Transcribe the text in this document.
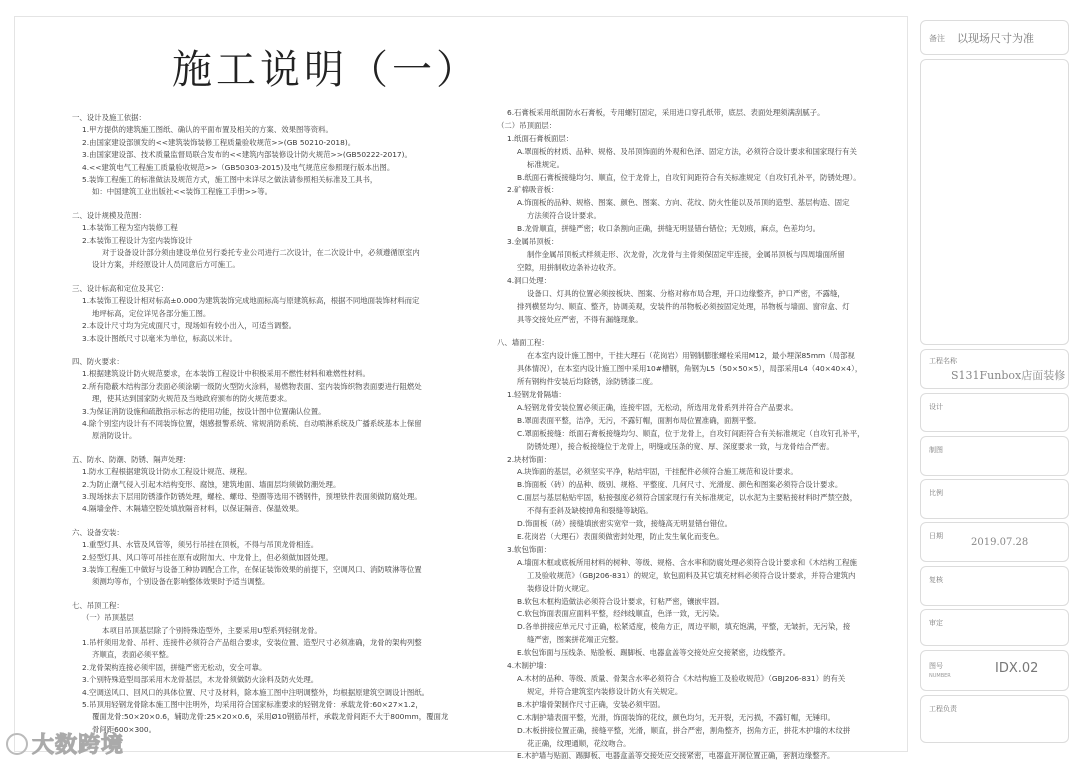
施工说明（一）
一、设计及施工依据：
1.甲方提供的建筑施工图纸、确认的平面布置及相关的方案、效果图等资料。
2.由国家建设部颁发的<<建筑装饰装修工程质量验收规范>>(GB 50210-2018)。
3.由国家建设部、技术质量监督局联合发布的<<建筑内部装修设计防火规范>>(GB50222-2017)。
4.<<建筑电气工程施工质量验收规范>>（GB50303-2015)及电气规范应参照现行版本出图。
5.装饰工程施工的标准做法及规范方式，施工图中未详尽之做法请参照相关标准及工具书，
如：中国建筑工业出版社<<装饰工程施工手册>>等。
二、设计规模及范围：
1.本装饰工程为室内装修工程
2.本装饰工程设计为室内装饰设计
对于设备设计部分须由建设单位另行委托专业公司进行二次设计，在二次设计中，必须遵循原室内
设计方案，并经原设计人员同意后方可施工。
三、设计标高和定位及其它：
1.本装饰工程设计相对标高±0.000为建筑装饰完成地面标高与原建筑标高，根据不同地面装饰材料而定
地坪标高，定位详见各部分施工图。
2.本设计尺寸均为完成面尺寸，现场如有较小出入，可适当调整。
3.本设计图纸尺寸以毫米为单位，标高以米计。
四、防火要求：
1.根据建筑设计防火规范要求，在本装饰工程设计中积极采用不燃性材料和难燃性材料。
2.所有隐蔽木结构部分表面必须涂刷一级防火型防火涂料，易燃物表面、室内装饰织物表面要进行阻燃处
理，使其达到国家防火规范及当地政府颁布的防火规范要求。
3.为保证消防设施和疏散指示标志的使用功能，按设计图中位置确认位置。
4.除个别室内设计有不同装饰位置，烟感报警系统、常规消防系统、自动喷淋系统及广播系统基本上保留
原消防设计。
五、防水、防潮、防锈、隔声处理：
1.防水工程根据建筑设计防水工程设计规范、规程。
2.为防止潮气侵入引起木结构变形、腐蚀，建筑地面、墙面层均须做防潮处理。
3.现场抹去下层用防锈漆作防锈处理，螺栓、螺母、垫圈等选用不锈钢件，预埋铁件表面须做防腐处理。
4.隔墙金件、木隔墙空腔处填放隔音材料，以保证隔音、保温效果。
六、设备安装：
1.重型灯具、水管及风管等，须另行吊挂在顶板，不得与吊顶龙骨相连。
2.轻型灯具、风口等可吊挂在原有或附加大、中龙骨上，但必须做加固处理。
3.装饰工程施工中做好与设备工种协调配合工作，在保证装饰效果的前提下，空调风口、消防喷淋等位置
须测均等布，个别设备在影响整体效果时予适当调整。
七、吊顶工程：
（一）吊顶基层
本项目吊顶基层除了个别特殊造型外，主要采用U型系列轻钢龙骨。
1.吊杆须用龙骨、吊杆、连接件必须符合产品组合要求，安装位置、造型尺寸必须准确，龙骨的架构列整
齐顺直，表面必须平整。
2.龙骨架构连接必须牢固，拼缝严密无松动，安全可靠。
3.个别特殊造型局部采用木龙骨基层，木龙骨须做防火涂料及防火处理。
4.空调送风口、回风口的具体位置、尺寸及材料，除本施工图中注明调整外，均根据原建筑空调设计图纸。
5.吊顶用轻钢龙骨除本施工图中注明外，均采用符合国家标准要求的轻钢龙骨：承载龙骨:60×27×1.2，
覆面龙骨:50×20×0.6，辅助龙骨:25×20×0.6，采用Ø10钢筋吊杆，承载龙骨间距不大于800mm，覆面龙
骨间距600×300。
6.石膏板采用纸面防水石膏板，专用螺钉固定，采用进口穿孔纸带，底层、表面处理须满刮腻子。
（二）吊顶面层：
1.纸面石膏板面层：
A.罩面板的材质、品种、规格、及吊顶饰面的外观和色泽、固定方法，必须符合设计要求和国家现行有关
标准规定。
B.纸面石膏板接缝均匀、顺直，位于龙骨上，自攻钉间距符合有关标准规定（自攻钉孔补平，防锈处理）。
2.矿棉吸音板：
A.饰面板的品种、规格、图案、颜色、图案、方向、花纹、防火性能以及吊顶的造型、基层构造、固定
方法须符合设计要求。
B.龙骨顺直，拼缝严密；收口条割向正确，拼缝无明显错台错位；无划痕，麻点，色差均匀。
3.金属吊顶板：
制作金属吊顶板式样须走形、次龙骨，次龙骨与主骨须保固定牢连接，金属吊顶板与四周墙面所留
空隙，用拼制收边条补边收齐。
4.洞口处理：
设备口、灯具的位置必须按板块、图案、分格对称布局合理，开口边缘整齐，护口严密，不露缝，
排列横竖均匀、顺直、整齐，协调美观，安装件的吊物板必须按固定处理，吊物板与墙面、窗帘盒、灯
具等交接处应严密，不得有漏缝现象。
八、墙面工程：
在本室内设计施工图中，干挂大理石（花岗岩）用钢制膨胀螺栓采用M12，最小埋深85mm（局部视
具体情况），在本室内设计施工图中采用10#槽钢，角钢为L5（50×50×5），局部采用L4（40×40×4），
所有钢构件安装后均除锈，涂防锈漆二度。
1.轻钢龙骨隔墙：
A.轻钢龙骨安装位置必须正确，连接牢固，无松动，所选用龙骨系列并符合产品要求。
B.罩面表面平整，洁净，无污，不露钉帽，面割布局位置准确，面割平整。
C.罩面板接缝：纸面石膏板接缝均匀、顺直，位于龙骨上，自攻钉间距符合有关标准规定（自攻钉孔补平，
防锈处理），接合板接缝位于龙骨上，明缝或压条的宽、厚、深度要求一致，与龙骨结合严密。
2.块材饰面：
A.块饰面的基层，必须坚实平净，粘结牢固，干挂配件必须符合施工规范和设计要求。
B.饰面板（砖）的品种、级别、规格、平整度、几何尺寸、光滑度、颜色和图案必须符合设计要求。
C.面层与基层粘贴牢固，粘接强度必须符合国家现行有关标准规定，以水泥为主要粘接材料时严禁空鼓，
不得有歪斜及缺棱掉角和裂缝等缺陷。
D.饰面板（砖）接缝填嵌密实宽窄一致，接缝高无明显错台错位。
E.花岗岩（大理石）表面须做密封处理，防止发生氧化而变色。
3.软包饰面：
A.墙面木框或底板所用材料的树种、等级、规格、含水率和防腐处理必须符合设计要求和《木结构工程施
工及验收规范》（GBJ206-831）的规定，软包面料及其它填充材料必须符合设计要求，并符合建筑内
装修设计防火规定。
B.软包木框构造做法必须符合设计要求，钉粘严密，镶嵌牢固。
C.软包饰面表面应面料平整，经纬线顺直，色泽一致，无污染。
D.各单拼接应单元尺寸正确，松紧适度，棱角方正，周边平顺，填充饱满，平整，无皱折，无污染，接
缝严密，图案拼花端正完整。
E.软包饰面与压线条、贴脸板、踢脚板、电器盒盖等交接处应交接紧密，边线整齐。
4.木制护墙：
A.木材的品种、等级、质量、骨架含水率必须符合《木结构施工及验收规范》（GBJ206-831）的有关
规定，并符合建筑室内装修设计防火有关规定。
B.木护墙骨架制作尺寸正确，安装必须牢固。
C.木制护墙表面平整，光滑，饰面装饰的花纹，颜色均匀，无开裂，无污损，不露钉帽，无锤印。
D.木板拼接位置正确，接缝平整，光滑，顺直，拼合严密，割角整齐，拐角方正，拼花木护墙的木纹拼
花正确，纹理通顺，花纹吻合。
E.木护墙与贴面、踢脚板、电器盒盖等交接处应交接紧密，电器盒开洞位置正确，套割边缘整齐。
备注 以现场尺寸为准
工程名称
S131Funbox店面装修
设计
制图
比例
日期
2019.07.28
复核
审定
图号
NUMBER	IDX.02
工程负责
大数跨境
